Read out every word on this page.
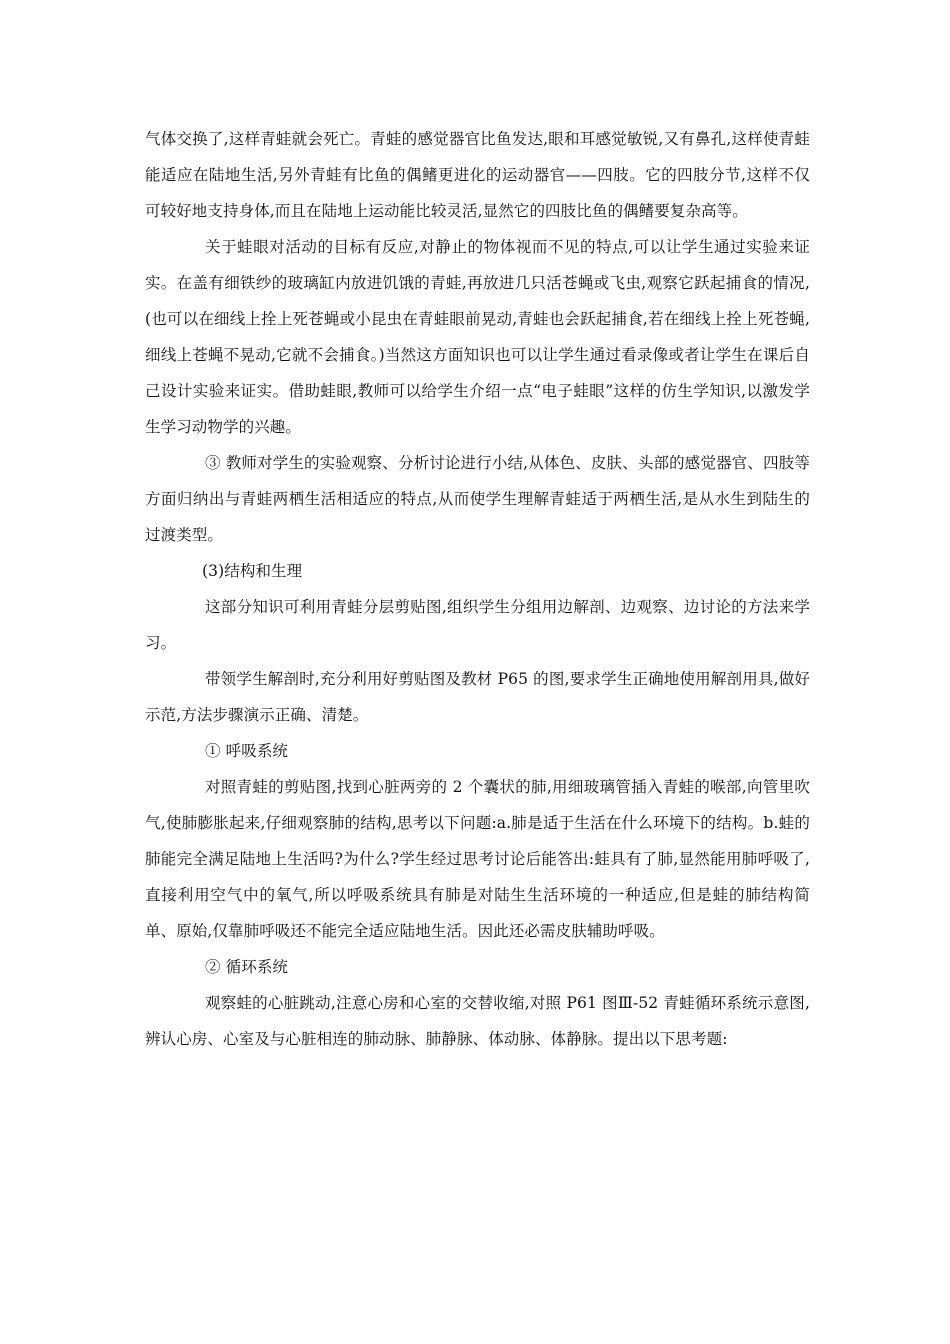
气体交换了,这样青蛙就会死亡。青蛙的感觉器官比鱼发达,眼和耳感觉敏锐,又有鼻孔,这样使青蛙能适应在陆地生活,另外青蛙有比鱼的偶鳍更进化的运动器官——四肢。它的四肢分节,这样不仅可较好地支持身体,而且在陆地上运动能比较灵活,显然它的四肢比鱼的偶鳍要复杂高等。

关于蛙眼对活动的目标有反应,对静止的物体视而不见的特点,可以让学生通过实验来证实。在盖有细铁纱的玻璃缸内放进饥饿的青蛙,再放进几只活苍蝇或飞虫,观察它跃起捕食的情况,(也可以在细线上拴上死苍蝇或小昆虫在青蛙眼前晃动,青蛙也会跃起捕食,若在细线上拴上死苍蝇,细线上苍蝇不晃动,它就不会捕食。)当然这方面知识也可以让学生通过看录像或者让学生在课后自己设计实验来证实。借助蛙眼,教师可以给学生介绍一点“电子蛙眼”这样的仿生学知识,以激发学生学习动物学的兴趣。

③ 教师对学生的实验观察、分析讨论进行小结,从体色、皮肤、头部的感觉器官、四肢等方面归纳出与青蛙两栖生活相适应的特点,从而使学生理解青蛙适于两栖生活,是从水生到陆生的过渡类型。

(3)结构和生理

这部分知识可利用青蛙分层剪贴图,组织学生分组用边解剖、边观察、边讨论的方法来学习。

带领学生解剖时,充分利用好剪贴图及教材 P65 的图,要求学生正确地使用解剖用具,做好示范,方法步骤演示正确、清楚。

① 呼吸系统

对照青蛙的剪贴图,找到心脏两旁的 2 个囊状的肺,用细玻璃管插入青蛙的喉部,向管里吹气,使肺膨胀起来,仔细观察肺的结构,思考以下问题:a.肺是适于生活在什么环境下的结构。b.蛙的肺能完全满足陆地上生活吗?为什么?学生经过思考讨论后能答出:蛙具有了肺,显然能用肺呼吸了,直接利用空气中的氧气,所以呼吸系统具有肺是对陆生生活环境的一种适应,但是蛙的肺结构简单、原始,仅靠肺呼吸还不能完全适应陆地生活。因此还必需皮肤辅助呼吸。

② 循环系统

观察蛙的心脏跳动,注意心房和心室的交替收缩,对照 P61 图Ⅲ-52 青蛙循环系统示意图,辨认心房、心室及与心脏相连的肺动脉、肺静脉、体动脉、体静脉。提出以下思考题:
